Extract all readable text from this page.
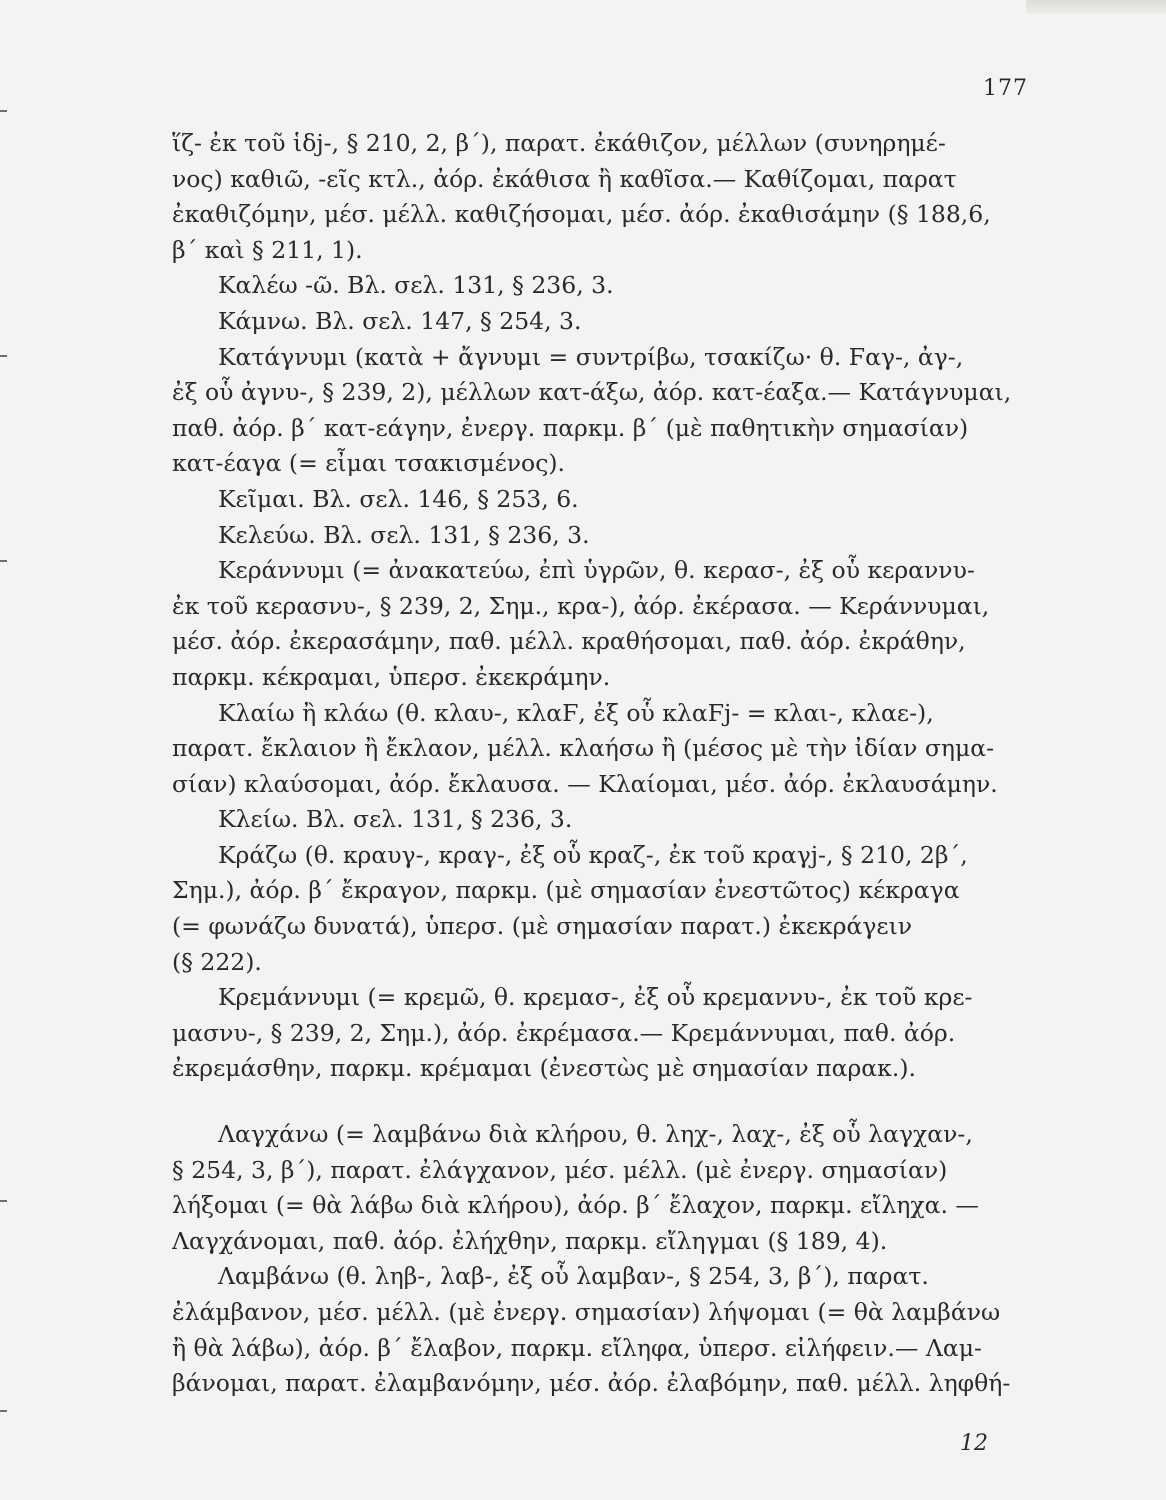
177
ἵζ- ἐκ τοῦ ἱδj-, § 210, 2, β΄), παρατ. ἐκάθιζον, μέλλων (συνηρημέ-
νος) καθιῶ, -εῖς κτλ., ἀόρ. ἐκάθισα ἢ καθῖσα.— Καθίζομαι, παρατ
ἐκαθιζόμην, μέσ. μέλλ. καθιζήσομαι, μέσ. ἀόρ. ἐκαθισάμην (§ 188,6,
β΄ καὶ § 211, 1).
Καλέω -ῶ. Βλ. σελ. 131, § 236, 3.
Κάμνω. Βλ. σελ. 147, § 254, 3.
Κατάγνυμι (κατὰ + ἄγνυμι = συντρίβω, τσακίζω· θ. Ϝαγ-, ἀγ-,
ἐξ οὗ ἀγνυ-, § 239, 2), μέλλων κατ-άξω, ἀόρ. κατ-έαξα.— Κατάγνυμαι,
παθ. ἀόρ. β΄ κατ-εάγην, ἐνεργ. παρκμ. β΄ (μὲ παθητικὴν σημασίαν)
κατ-έαγα (= εἶμαι τσακισμένος).
Κεῖμαι. Βλ. σελ. 146, § 253, 6.
Κελεύω. Βλ. σελ. 131, § 236, 3.
Κεράννυμι (= ἀνακατεύω, ἐπὶ ὑγρῶν, θ. κερασ-, ἐξ οὗ κεραννυ-
ἐκ τοῦ κερασνυ-, § 239, 2, Σημ., κρα-), ἀόρ. ἐκέρασα. — Κεράννυμαι,
μέσ. ἀόρ. ἐκερασάμην, παθ. μέλλ. κραθήσομαι, παθ. ἀόρ. ἐκράθην,
παρκμ. κέκραμαι, ὑπερσ. ἐκεκράμην.
Κλαίω ἢ κλάω (θ. κλαυ-, κλαϜ, ἐξ οὗ κλαϜj- = κλαι-, κλαε-),
παρατ. ἔκλαιον ἢ ἔκλαον, μέλλ. κλαήσω ἢ (μέσος μὲ τὴν ἰδίαν σημα-
σίαν) κλαύσομαι, ἀόρ. ἔκλαυσα. — Κλαίομαι, μέσ. ἀόρ. ἐκλαυσάμην.
Κλείω. Βλ. σελ. 131, § 236, 3.
Κράζω (θ. κραυγ-, κραγ-, ἐξ οὗ κραζ-, ἐκ τοῦ κραγj-, § 210, 2β΄,
Σημ.), ἀόρ. β΄ ἔκραγον, παρκμ. (μὲ σημασίαν ἐνεστῶτος) κέκραγα
(= φωνάζω δυνατά), ὑπερσ. (μὲ σημασίαν παρατ.) ἐκεκράγειν
(§ 222).
Κρεμάννυμι (= κρεμῶ, θ. κρεμασ-, ἐξ οὗ κρεμαννυ-, ἐκ τοῦ κρε-
μασνυ-, § 239, 2, Σημ.), ἀόρ. ἐκρέμασα.— Κρεμάννυμαι, παθ. ἀόρ.
ἐκρεμάσθην, παρκμ. κρέμαμαι (ἐνεστὼς μὲ σημασίαν παρακ.).
Λαγχάνω (= λαμβάνω διὰ κλήρου, θ. ληχ-, λαχ-, ἐξ οὗ λαγχαν-,
§ 254, 3, β΄), παρατ. ἐλάγχανον, μέσ. μέλλ. (μὲ ἐνεργ. σημασίαν)
λήξομαι (= θὰ λάβω διὰ κλήρου), ἀόρ. β΄ ἔλαχον, παρκμ. εἴληχα. —
Λαγχάνομαι, παθ. ἀόρ. ἐλήχθην, παρκμ. εἴληγμαι (§ 189, 4).
Λαμβάνω (θ. ληβ-, λαβ-, ἐξ οὗ λαμβαν-, § 254, 3, β΄), παρατ.
ἐλάμβανον, μέσ. μέλλ. (μὲ ἐνεργ. σημασίαν) λήψομαι (= θὰ λαμβάνω
ἢ θὰ λάβω), ἀόρ. β΄ ἔλαβον, παρκμ. εἴληφα, ὑπερσ. εἰλήφειν.— Λαμ-
βάνομαι, παρατ. ἐλαμβανόμην, μέσ. ἀόρ. ἐλαβόμην, παθ. μέλλ. ληφθή-
12
